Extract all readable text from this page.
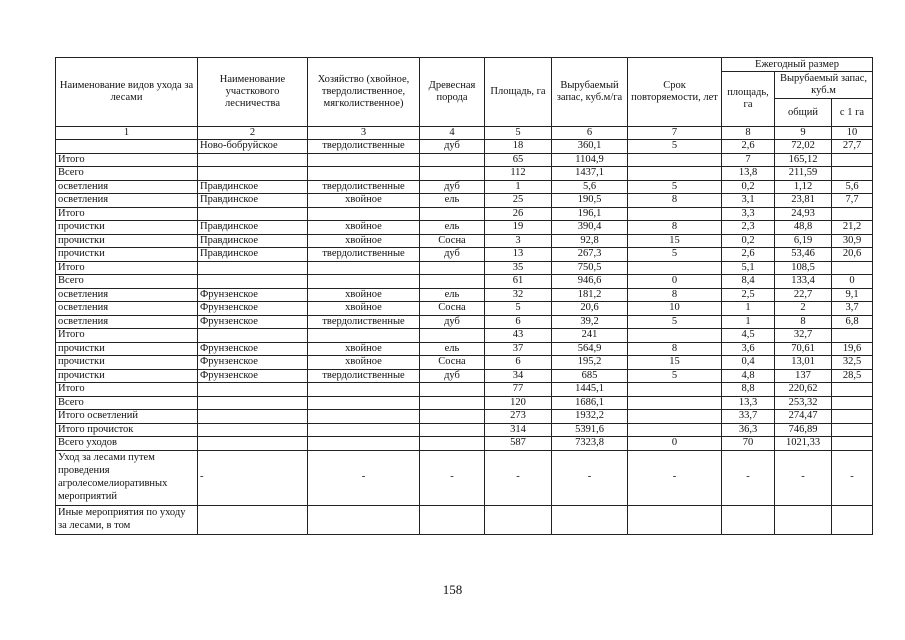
Наименование видов ухода за лесами	Наименование участкового лесничества	Хозяйство (хвойное, твердолиственное, мягколиственное)	Древесная порода	Площадь, га	Вырубаемый запас, куб.м/га	Срок повторяемости, лет	Ежегодный размер		
							площадь, га	Вырубаемый запас, куб.м	
								общий	с 1 га
1	2	3	4	5	6	7	8	9	10
	Ново-бобруйское	твердолиственные	дуб	18	360,1	5	2,6	72,02	27,7
Итого				65	1104,9		7	165,12	
Всего				112	1437,1		13,8	211,59	
осветления	Правдинское	твердолиственные	дуб	1	5,6	5	0,2	1,12	5,6
осветления	Правдинское	хвойное	ель	25	190,5	8	3,1	23,81	7,7
Итого				26	196,1		3,3	24,93	
прочистки	Правдинское	хвойное	ель	19	390,4	8	2,3	48,8	21,2
прочистки	Правдинское	хвойное	Сосна	3	92,8	15	0,2	6,19	30,9
прочистки	Правдинское	твердолиственные	дуб	13	267,3	5	2,6	53,46	20,6
Итого				35	750,5		5,1	108,5	
Всего				61	946,6	0	8,4	133,4	0
осветления	Фрунзенское	хвойное	ель	32	181,2	8	2,5	22,7	9,1
осветления	Фрунзенское	хвойное	Сосна	5	20,6	10	1	2	3,7
осветления	Фрунзенское	твердолиственные	дуб	6	39,2	5	1	8	6,8
Итого				43	241		4,5	32,7	
прочистки	Фрунзенское	хвойное	ель	37	564,9	8	3,6	70,61	19,6
прочистки	Фрунзенское	хвойное	Сосна	6	195,2	15	0,4	13,01	32,5
прочистки	Фрунзенское	твердолиственные	дуб	34	685	5	4,8	137	28,5
Итого				77	1445,1		8,8	220,62	
Всего				120	1686,1		13,3	253,32	
Итого осветлений				273	1932,2		33,7	274,47	
Итого прочисток				314	5391,6		36,3	746,89	
Всего уходов				587	7323,8	0	70	1021,33	
Уход за лесами путем проведения агролесомелиоративных мероприятий	-	-	-	-	-	-	-	-	-
Иные мероприятия по уходу за лесами, в том									
158
